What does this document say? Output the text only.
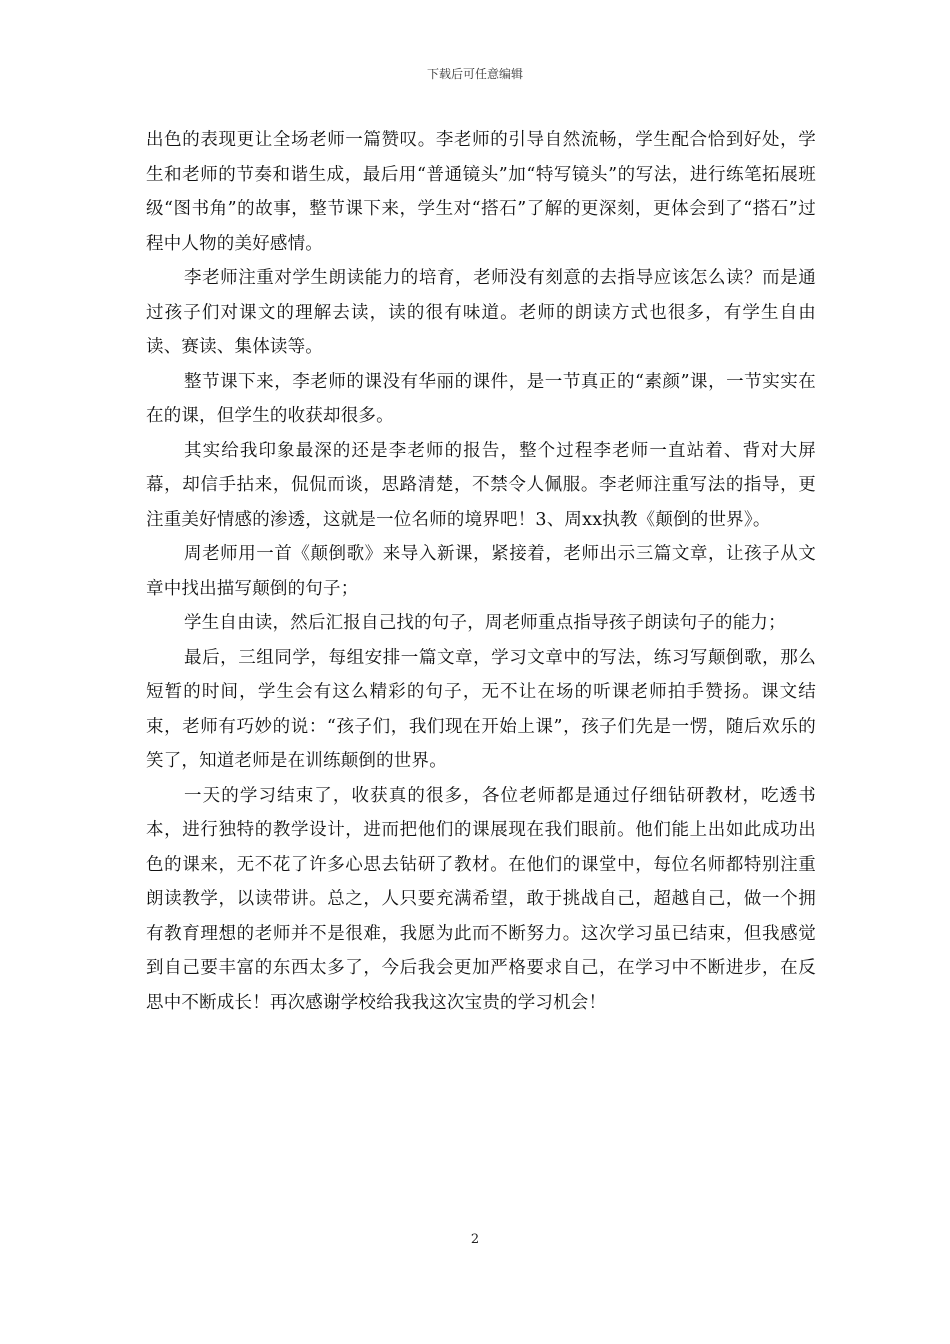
下载后可任意编辑

出色的表现更让全场老师一篇赞叹。李老师的引导自然流畅，学生配合恰到好处，学生和老师的节奏和谐生成，最后用“普通镜头”加“特写镜头”的写法，进行练笔拓展班级“图书角”的故事，整节课下来，学生对“搭石”了解的更深刻，更体会到了“搭石”过程中人物的美好感情。

李老师注重对学生朗读能力的培育，老师没有刻意的去指导应该怎么读？而是通过孩子们对课文的理解去读，读的很有味道。老师的朗读方式也很多，有学生自由读、赛读、集体读等。

整节课下来，李老师的课没有华丽的课件，是一节真正的“素颜”课，一节实实在在的课，但学生的收获却很多。

其实给我印象最深的还是李老师的报告，整个过程李老师一直站着、背对大屏幕，却信手拈来，侃侃而谈，思路清楚，不禁令人佩服。李老师注重写法的指导，更注重美好情感的渗透，这就是一位名师的境界吧！3、周xx执教《颠倒的世界》。

周老师用一首《颠倒歌》来导入新课，紧接着，老师出示三篇文章，让孩子从文章中找出描写颠倒的句子；

学生自由读，然后汇报自己找的句子，周老师重点指导孩子朗读句子的能力；

最后，三组同学，每组安排一篇文章，学习文章中的写法，练习写颠倒歌，那么短暂的时间，学生会有这么精彩的句子，无不让在场的听课老师拍手赞扬。课文结束，老师有巧妙的说：“孩子们，我们现在开始上课”，孩子们先是一愣，随后欢乐的笑了，知道老师是在训练颠倒的世界。

一天的学习结束了，收获真的很多，各位老师都是通过仔细钻研教材，吃透书本，进行独特的教学设计，进而把他们的课展现在我们眼前。他们能上出如此成功出色的课来，无不花了许多心思去钻研了教材。在他们的课堂中，每位名师都特别注重朗读教学，以读带讲。总之，人只要充满希望，敢于挑战自己，超越自己，做一个拥有教育理想的老师并不是很难，我愿为此而不断努力。这次学习虽已结束，但我感觉到自己要丰富的东西太多了，今后我会更加严格要求自己，在学习中不断进步，在反思中不断成长！再次感谢学校给我我这次宝贵的学习机会！

2
